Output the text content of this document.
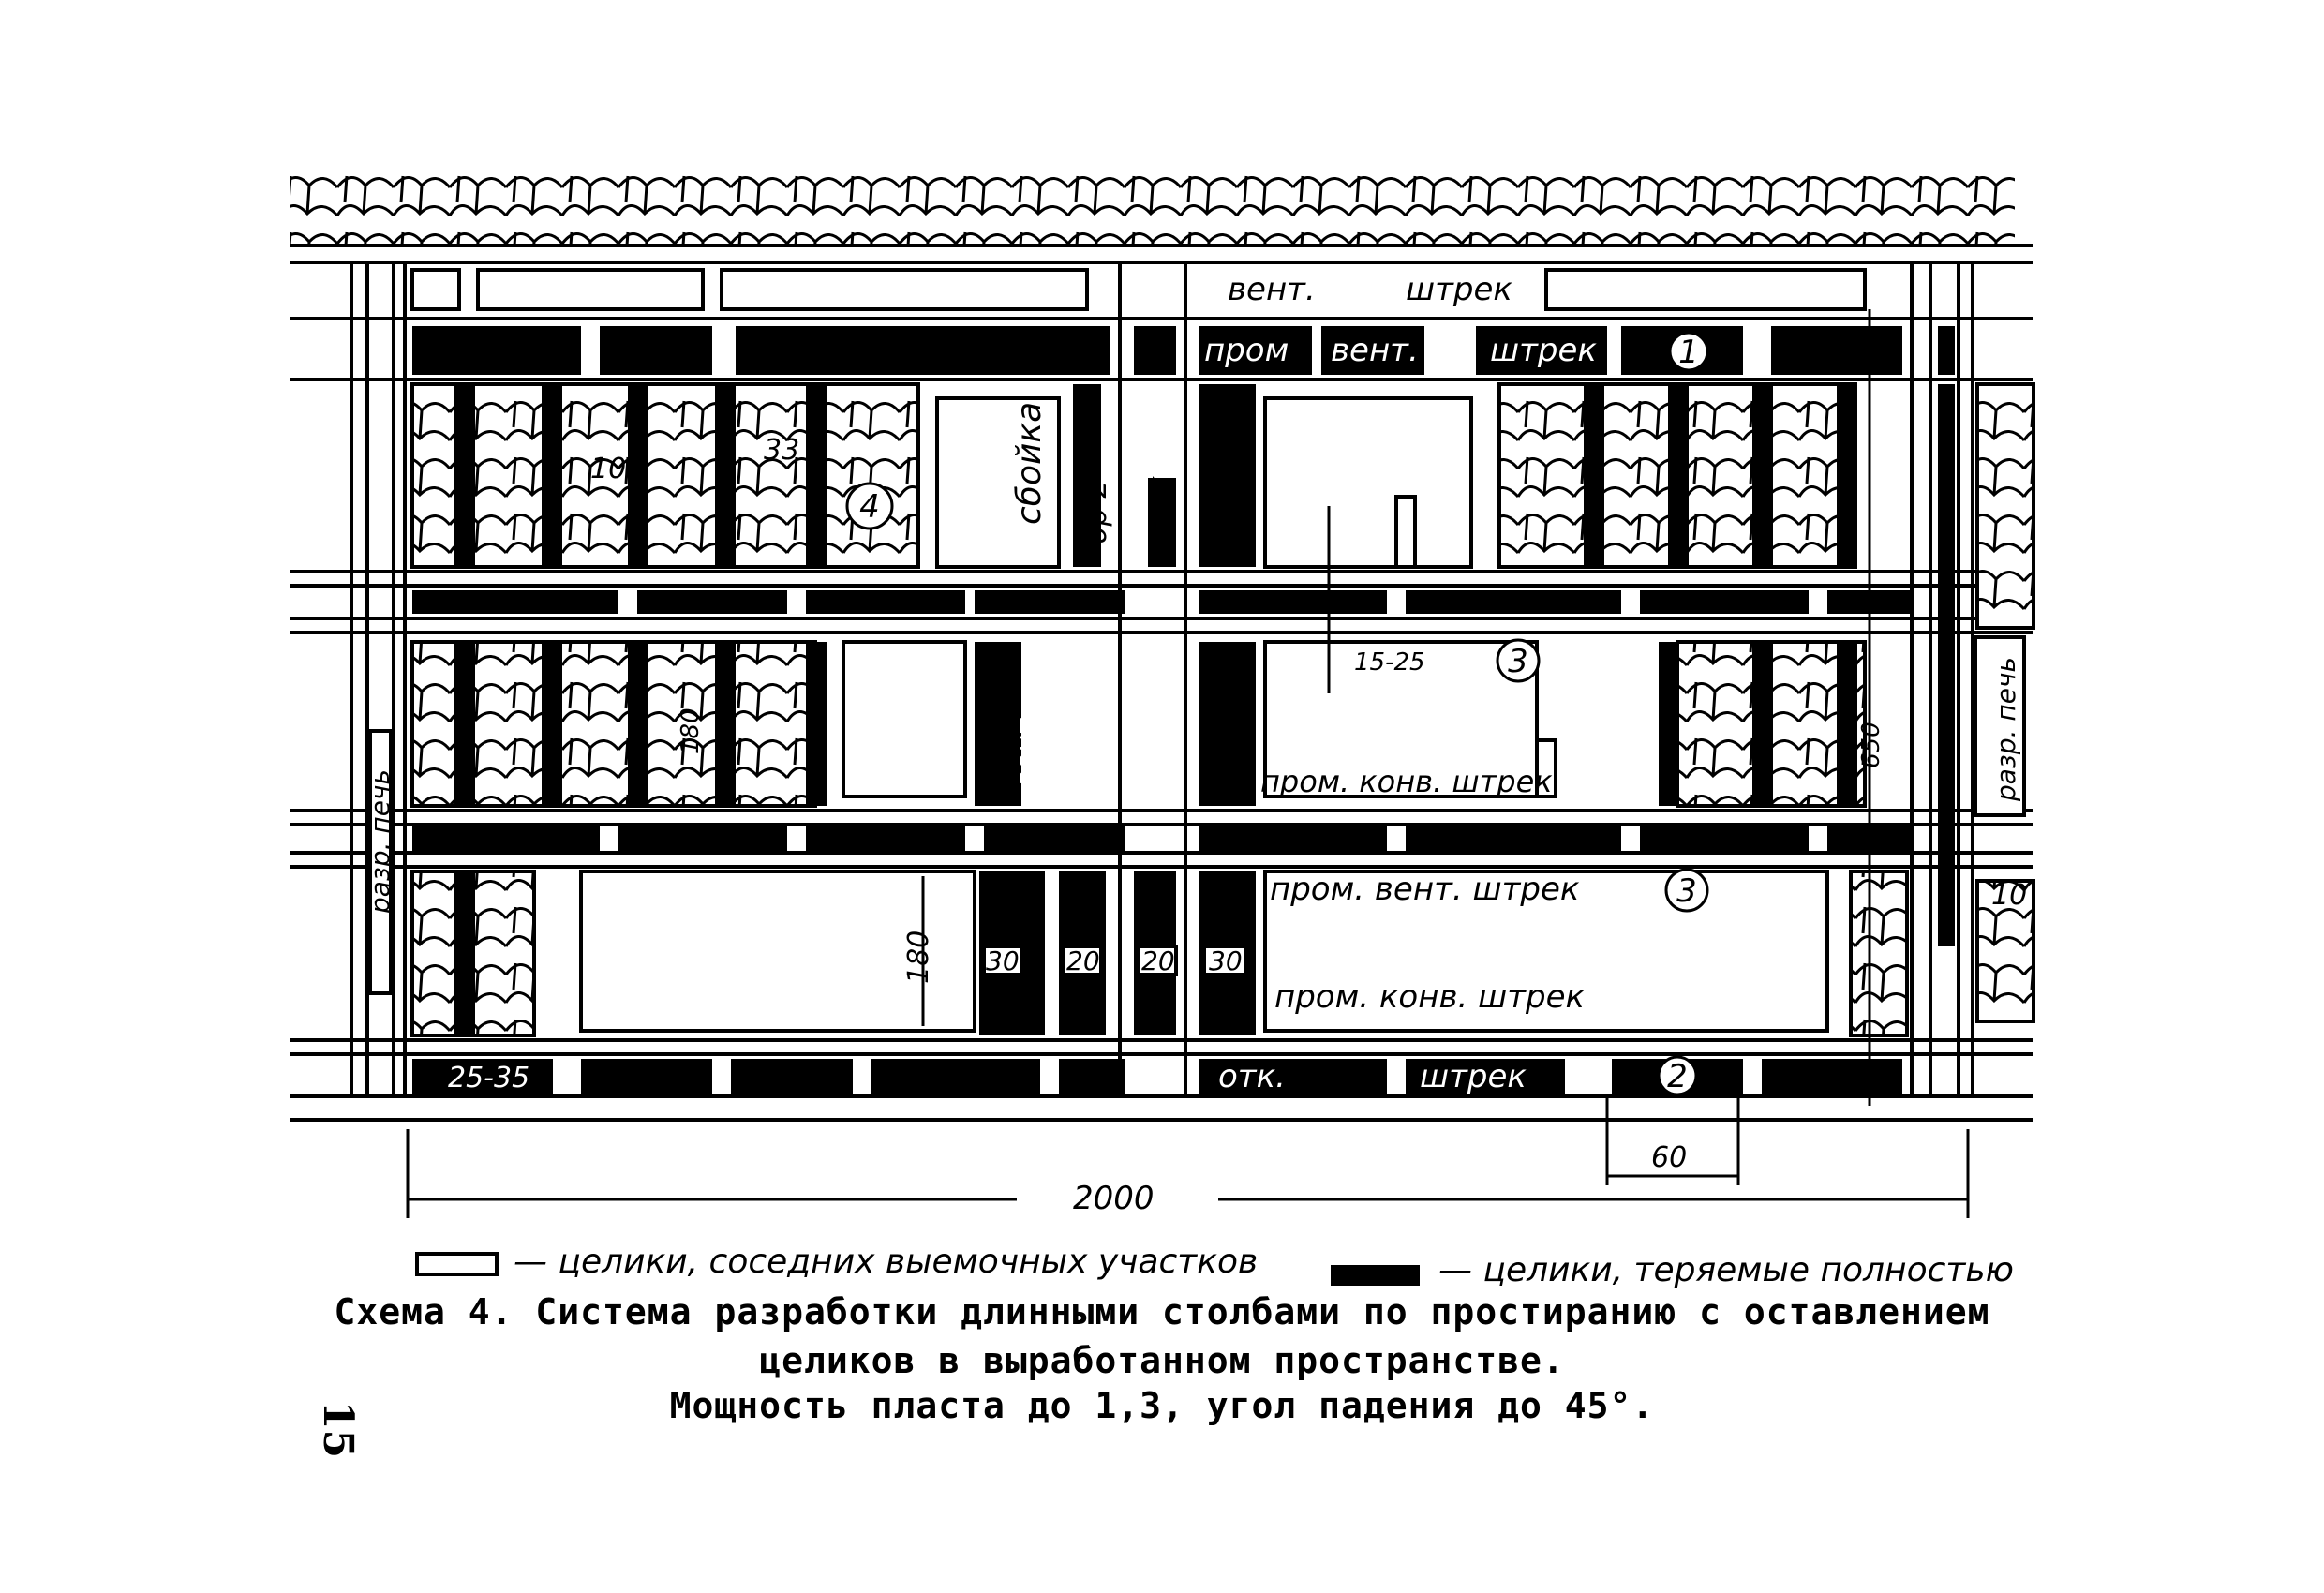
вент.	штрек
пром вент. штрек
отк.	штрек
пром. конв. штрек
пром. вент. штрек
пром. конв. штрек
сбойка бр-2 ходок
вент. конв.
разр. печь
разр. печь
1
2
3
3
4
30
10
33
15-25
180	650
180 30 20 20 30
25-35
10
60
2000
— целики, соседних выемочных участков	— целики, теряемые полностью
Схема 4. Система разработки длинными столбами по простиранию с оставлением
целиков в выработанном пространстве.
Мощность пласта до 1,3, угол падения до 45°.
15
